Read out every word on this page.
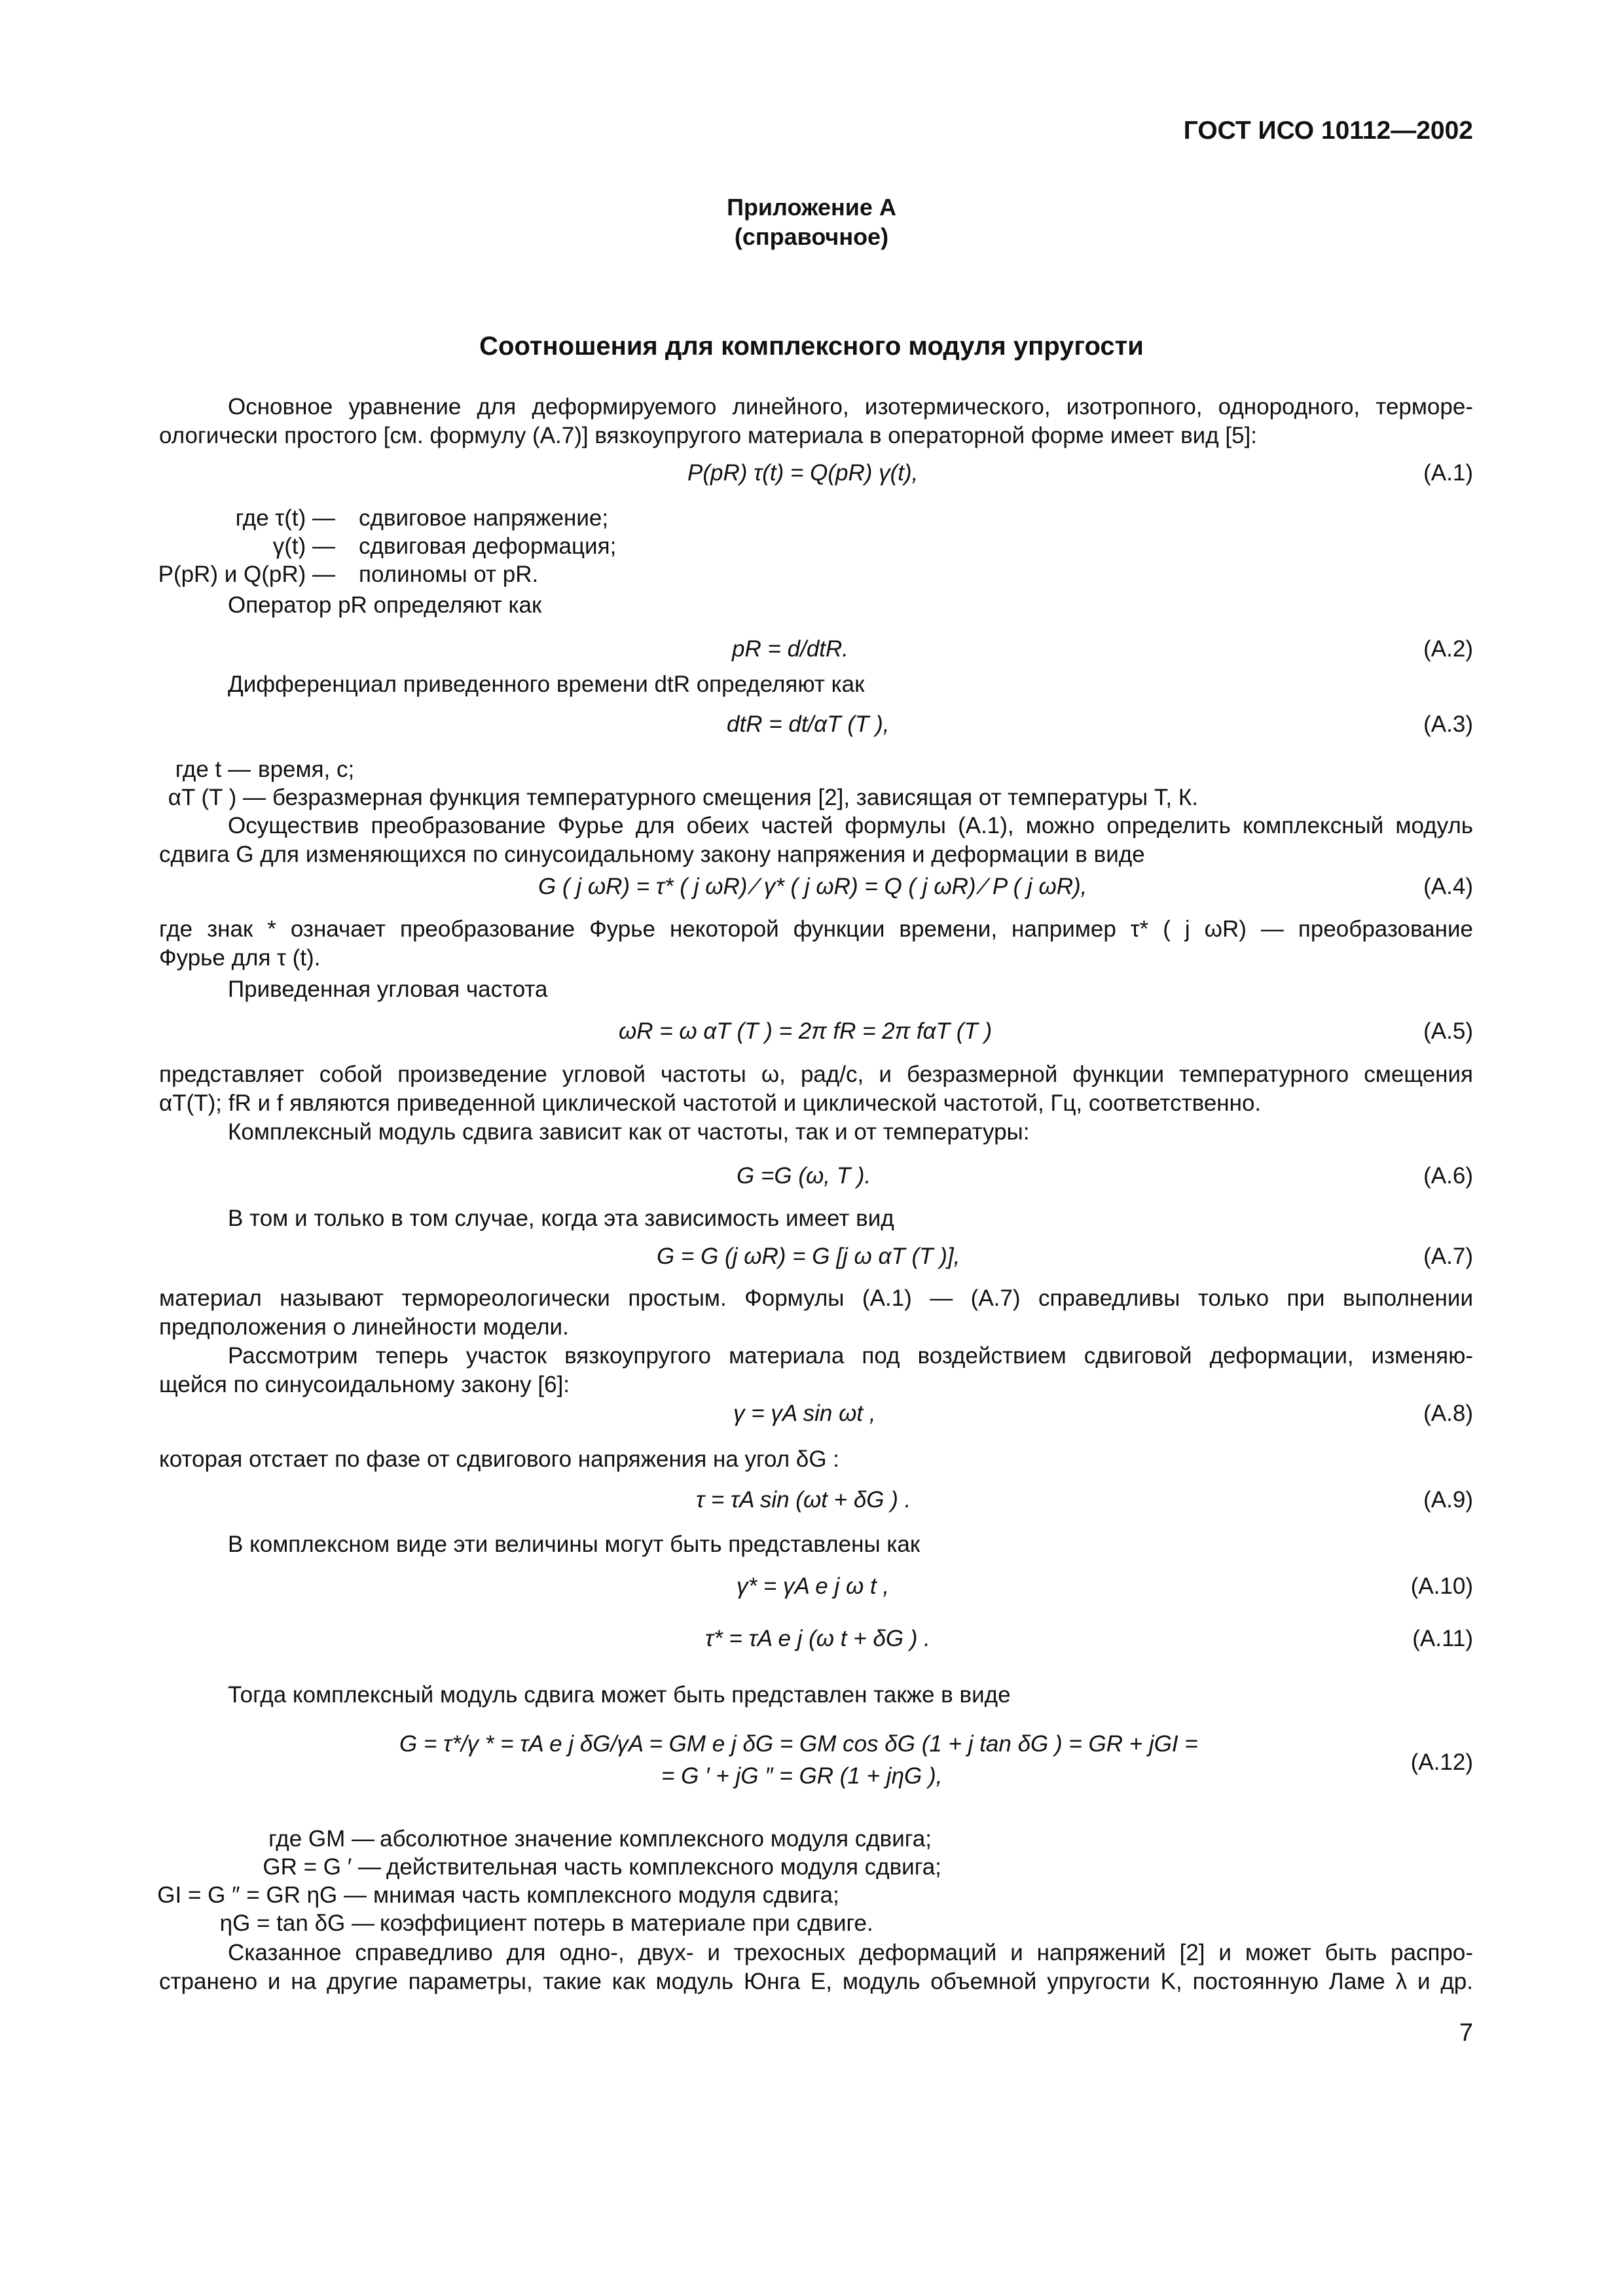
ГОСТ ИСО 10112—2002
Приложение А
(справочное)
Соотношения для комплексного модуля упругости
Основное уравнение для деформируемого линейного, изотермического, изотропного, однородного, термоpe-
ологически простого [см. формулу (А.7)] вязкоупругого материала в операторной форме имеет вид [5]:
P(pR) τ(t) = Q(pR) γ(t),	(А.1)
где τ(t) — сдвиговое напряжение;
γ(t) — сдвиговая деформация;
P(pR) и Q(pR) — полиномы от pR.
Оператор pR определяют как
pR = d/dtR.	(А.2)
Дифференциал приведенного времени dtR определяют как
dtR = dt/αT (T ),	(А.3)
где t — время, с;
αT (T ) — безразмерная функция температурного смещения [2], зависящая от температуры T, К.
Осуществив преобразование Фурье для обеих частей формулы (А.1), можно определить комплексный модуль
сдвига G для изменяющихся по синусоидальному закону напряжения и деформации в виде
G ( j ωR) = τ* ( j ωR) ⁄ γ* ( j ωR) = Q ( j ωR) ⁄ P ( j ωR),	(А.4)
где знак * означает преобразование Фурье некоторой функции времени, например τ* ( j ωR) — преобразование
Фурье для τ (t).
Приведенная угловая частота
ωR = ω αT (T ) = 2π fR = 2π fαT (T )	(А.5)
представляет собой произведение угловой частоты ω, рад/с, и безразмерной функции температурного смещения
αT(T); fR и f являются приведенной циклической частотой и циклической частотой, Гц, соответственно.
Комплексный модуль сдвига зависит как от частоты, так и от температуры:
G =G (ω, T ).	(А.6)
В том и только в том случае, когда эта зависимость имеет вид
G = G (j ωR) = G [j ω αT (T )],	(А.7)
материал называют термореологически простым. Формулы (А.1) — (А.7) справедливы только при выполнении
предположения о линейности модели.
Рассмотрим теперь участок вязкоупругого материала под воздействием сдвиговой деформации, изменяю-
щейся по синусоидальному закону [6]:
γ = γA sin ωt ,	(А.8)
которая отстает по фазе от сдвигового напряжения на угол δG :
τ = τA sin (ωt + δG ) .	(А.9)
В комплексном виде эти величины могут быть представлены как
γ* = γA e j ω t ,	(А.10)
τ* = τA e j (ω t + δG ) .	(А.11)
Тогда комплексный модуль сдвига может быть представлен также в виде
G = τ*/γ * = τA e j δG/γA = GM e j δG = GM cos δG (1 + j tan δG ) = GR + jGI =
= G ′ + jG ″ = GR (1 + jηG ),
(А.12)
где GM — абсолютное значение комплексного модуля сдвига;
GR = G ′ — действительная часть комплексного модуля сдвига;
GI = G ″ = GR ηG — мнимая часть комплексного модуля сдвига;
ηG = tan δG — коэффициент потерь в материале при сдвиге.
Сказанное справедливо для одно-, двух- и трехосных деформаций и напряжений [2] и может быть распро-
странено и на другие параметры, такие как модуль Юнга E, модуль объемной упругости K, постоянную Ламе λ и др.
7
